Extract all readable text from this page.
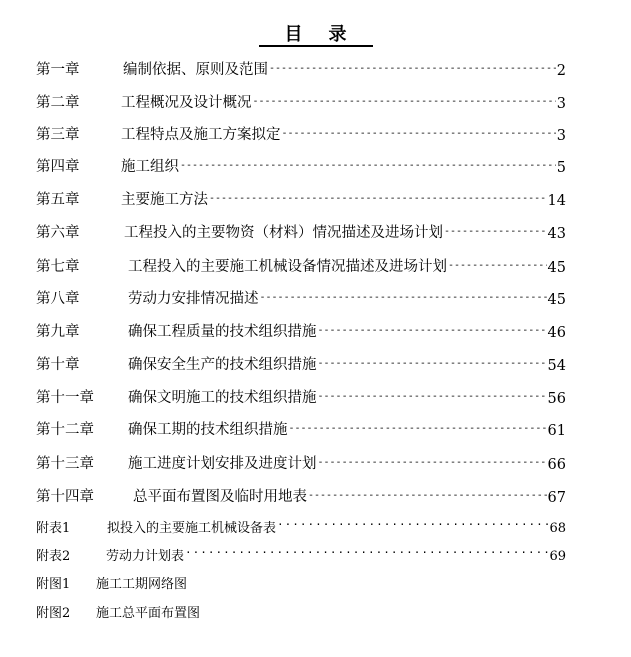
目录
第一章	编制依据、原则及范围 -----	2
第二章	工程概况及设计概况 -----	3
第三章	工程特点及施工方案拟定 -----	3
第四章	施工组织 -----	5
第五章	主要施工方法 -----	14
第六章	工程投入的主要物资（材料）情况描述及进场计划 -----	43
第七章	工程投入的主要施工机械设备情况描述及进场计划 -----	45
第八章	劳动力安排情况描述 -----	45
第九章	确保工程质量的技术组织措施 -----	46
第十章	确保安全生产的技术组织措施 -----	54
第十一章	确保文明施工的技术组织措施 -----	56
第十二章	确保工期的技术组织措施 -----	61
第十三章	施工进度计划安排及进度计划 -----	66
第十四章	总平面布置图及临时用地表 -----	67
附表1	拟投入的主要施工机械设备表 ·····	68
附表2	劳动力计划表 ·····	69
附图1	施工工期网络图
附图2	施工总平面布置图
